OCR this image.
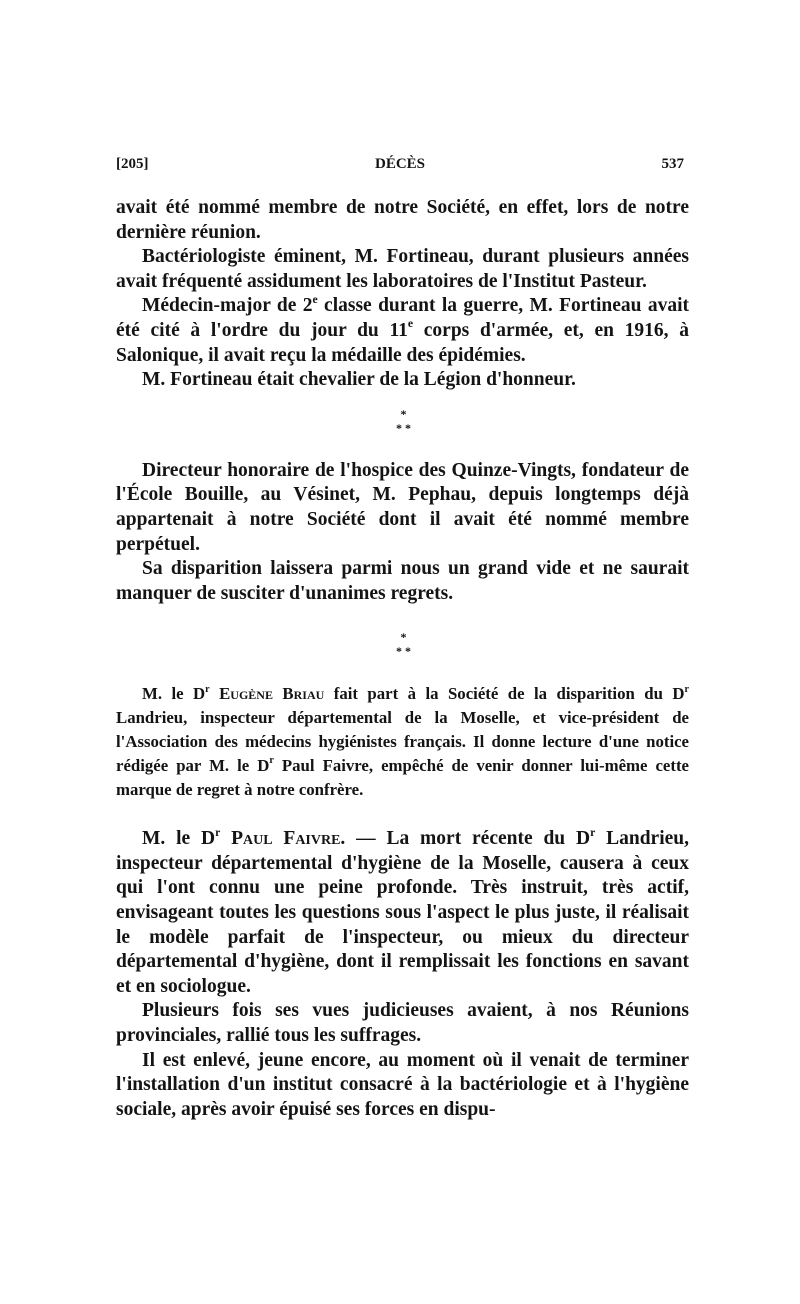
[205]	DÉCÈS	537

avait été nommé membre de notre Société, en effet, lors de notre dernière réunion.

Bactériologiste éminent, M. Fortineau, durant plusieurs années avait fréquenté assidument les laboratoires de l'Institut Pasteur.

Médecin-major de 2e classe durant la guerre, M. Fortineau avait été cité à l'ordre du jour du 11e corps d'armée, et, en 1916, à Salonique, il avait reçu la médaille des épidémies.

M. Fortineau était chevalier de la Légion d'honneur.

*
* *

Directeur honoraire de l'hospice des Quinze-Vingts, fondateur de l'École Bouille, au Vésinet, M. Pephau, depuis longtemps déjà appartenait à notre Société dont il avait été nommé membre perpétuel.

Sa disparition laissera parmi nous un grand vide et ne saurait manquer de susciter d'unanimes regrets.

*
* *

M. le $D^r$ Eugène Briau fait part à la Société de la disparition du $D^r$ Landrieu, inspecteur départemental de la Moselle, et vice-président de l'Association des médecins hygiénistes français. Il donne lecture d'une notice rédigée par M. le $D^r$ Paul Faivre, empêché de venir donner lui-même cette marque de regret à notre confrère.

M. le $D^r$ Paul Faivre. — La mort récente du $D^r$ Landrieu, inspecteur départemental d'hygiène de la Moselle, causera à ceux qui l'ont connu une peine profonde. Très instruit, très actif, envisageant toutes les questions sous l'aspect le plus juste, il réalisait le modèle parfait de l'inspecteur, ou mieux du directeur départemental d'hygiène, dont il remplissait les fonctions en savant et en sociologue.

Plusieurs fois ses vues judicieuses avaient, à nos Réunions provinciales, rallié tous les suffrages.

Il est enlevé, jeune encore, au moment où il venait de terminer l'installation d'un institut consacré à la bactériologie et à l'hygiène sociale, après avoir épuisé ses forces en dispu-
